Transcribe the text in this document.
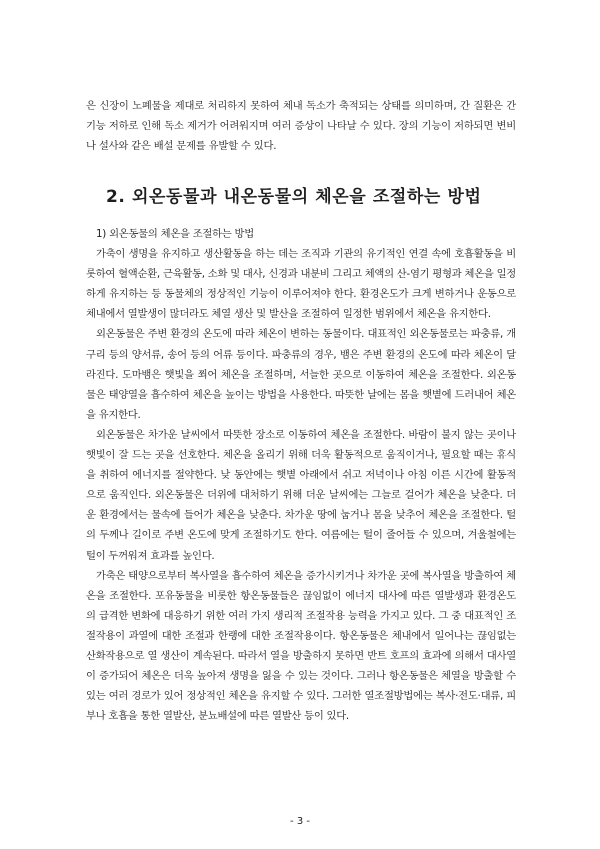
은 신장이 노폐물을 제대로 처리하지 못하여 체내 독소가 축적되는 상태를 의미하며, 간 질환은 간 기능 저하로 인해 독소 제거가 어려워지며 여러 증상이 나타날 수 있다. 장의 기능이 저하되면 변비나 설사와 같은 배설 문제를 유발할 수 있다.

2. 외온동물과 내온동물의 체온을 조절하는 방법

1) 외온동물의 체온을 조절하는 방법

가축이 생명을 유지하고 생산활동을 하는 데는 조직과 기관의 유기적인 연결 속에 호흡활동을 비롯하여 혈액순환, 근육활동, 소화 및 대사, 신경과 내분비 그리고 체액의 산-염기 평형과 체온을 일정하게 유지하는 등 동물체의 정상적인 기능이 이루어져야 한다. 환경온도가 크게 변하거나 운동으로 체내에서 열발생이 많더라도 체열 생산 및 발산을 조절하여 일정한 범위에서 체온을 유지한다.

외온동물은 주변 환경의 온도에 따라 체온이 변하는 동물이다. 대표적인 외온동물로는 파충류, 개구리 등의 양서류, 송어 등의 어류 등이다. 파충류의 경우, 뱀은 주변 환경의 온도에 따라 체온이 달라진다. 도마뱀은 햇빛을 쬐어 체온을 조절하며, 서늘한 곳으로 이동하여 체온을 조절한다. 외온동물은 태양열을 흡수하여 체온을 높이는 방법을 사용한다. 따뜻한 날에는 몸을 햇볕에 드러내어 체온을 유지한다.

외온동물은 차가운 날씨에서 따뜻한 장소로 이동하여 체온을 조절한다. 바람이 불지 않는 곳이나 햇빛이 잘 드는 곳을 선호한다. 체온을 올리기 위해 더욱 활동적으로 움직이거나, 필요할 때는 휴식을 취하여 에너지를 절약한다. 낮 동안에는 햇볕 아래에서 쉬고 저녁이나 아침 이른 시간에 활동적으로 움직인다. 외온동물은 더위에 대처하기 위해 더운 날씨에는 그늘로 걸어가 체온을 낮춘다. 더운 환경에서는 물속에 들어가 체온을 낮춘다. 차가운 땅에 눕거나 몸을 낮추어 체온을 조절한다. 털의 두께나 길이로 주변 온도에 맞게 조절하기도 한다. 여름에는 털이 줄어들 수 있으며, 겨울철에는 털이 두꺼워져 효과를 높인다.

가축은 태양으로부터 복사열을 흡수하여 체온을 증가시키거나 차가운 곳에 복사열을 방출하여 체온을 조절한다. 포유동물을 비롯한 항온동물들은 끊임없이 에너지 대사에 따른 열발생과 환경온도의 급격한 변화에 대응하기 위한 여러 가지 생리적 조절작용 능력을 가지고 있다. 그 중 대표적인 조절작용이 과열에 대한 조절과 한랭에 대한 조절작용이다. 항온동물은 체내에서 일어나는 끊임없는 산화작용으로 열 생산이 계속된다. 따라서 열을 방출하지 못하면 반트 호프의 효과에 의해서 대사열이 증가되어 체온은 더욱 높아져 생명을 잃을 수 있는 것이다. 그러나 항온동물은 체열을 방출할 수 있는 여러 경로가 있어 정상적인 체온을 유지할 수 있다. 그러한 열조절방법에는 복사·전도·대류, 피부나 호흡을 통한 열발산, 분뇨배설에 따른 열발산 등이 있다.

- 3 -
